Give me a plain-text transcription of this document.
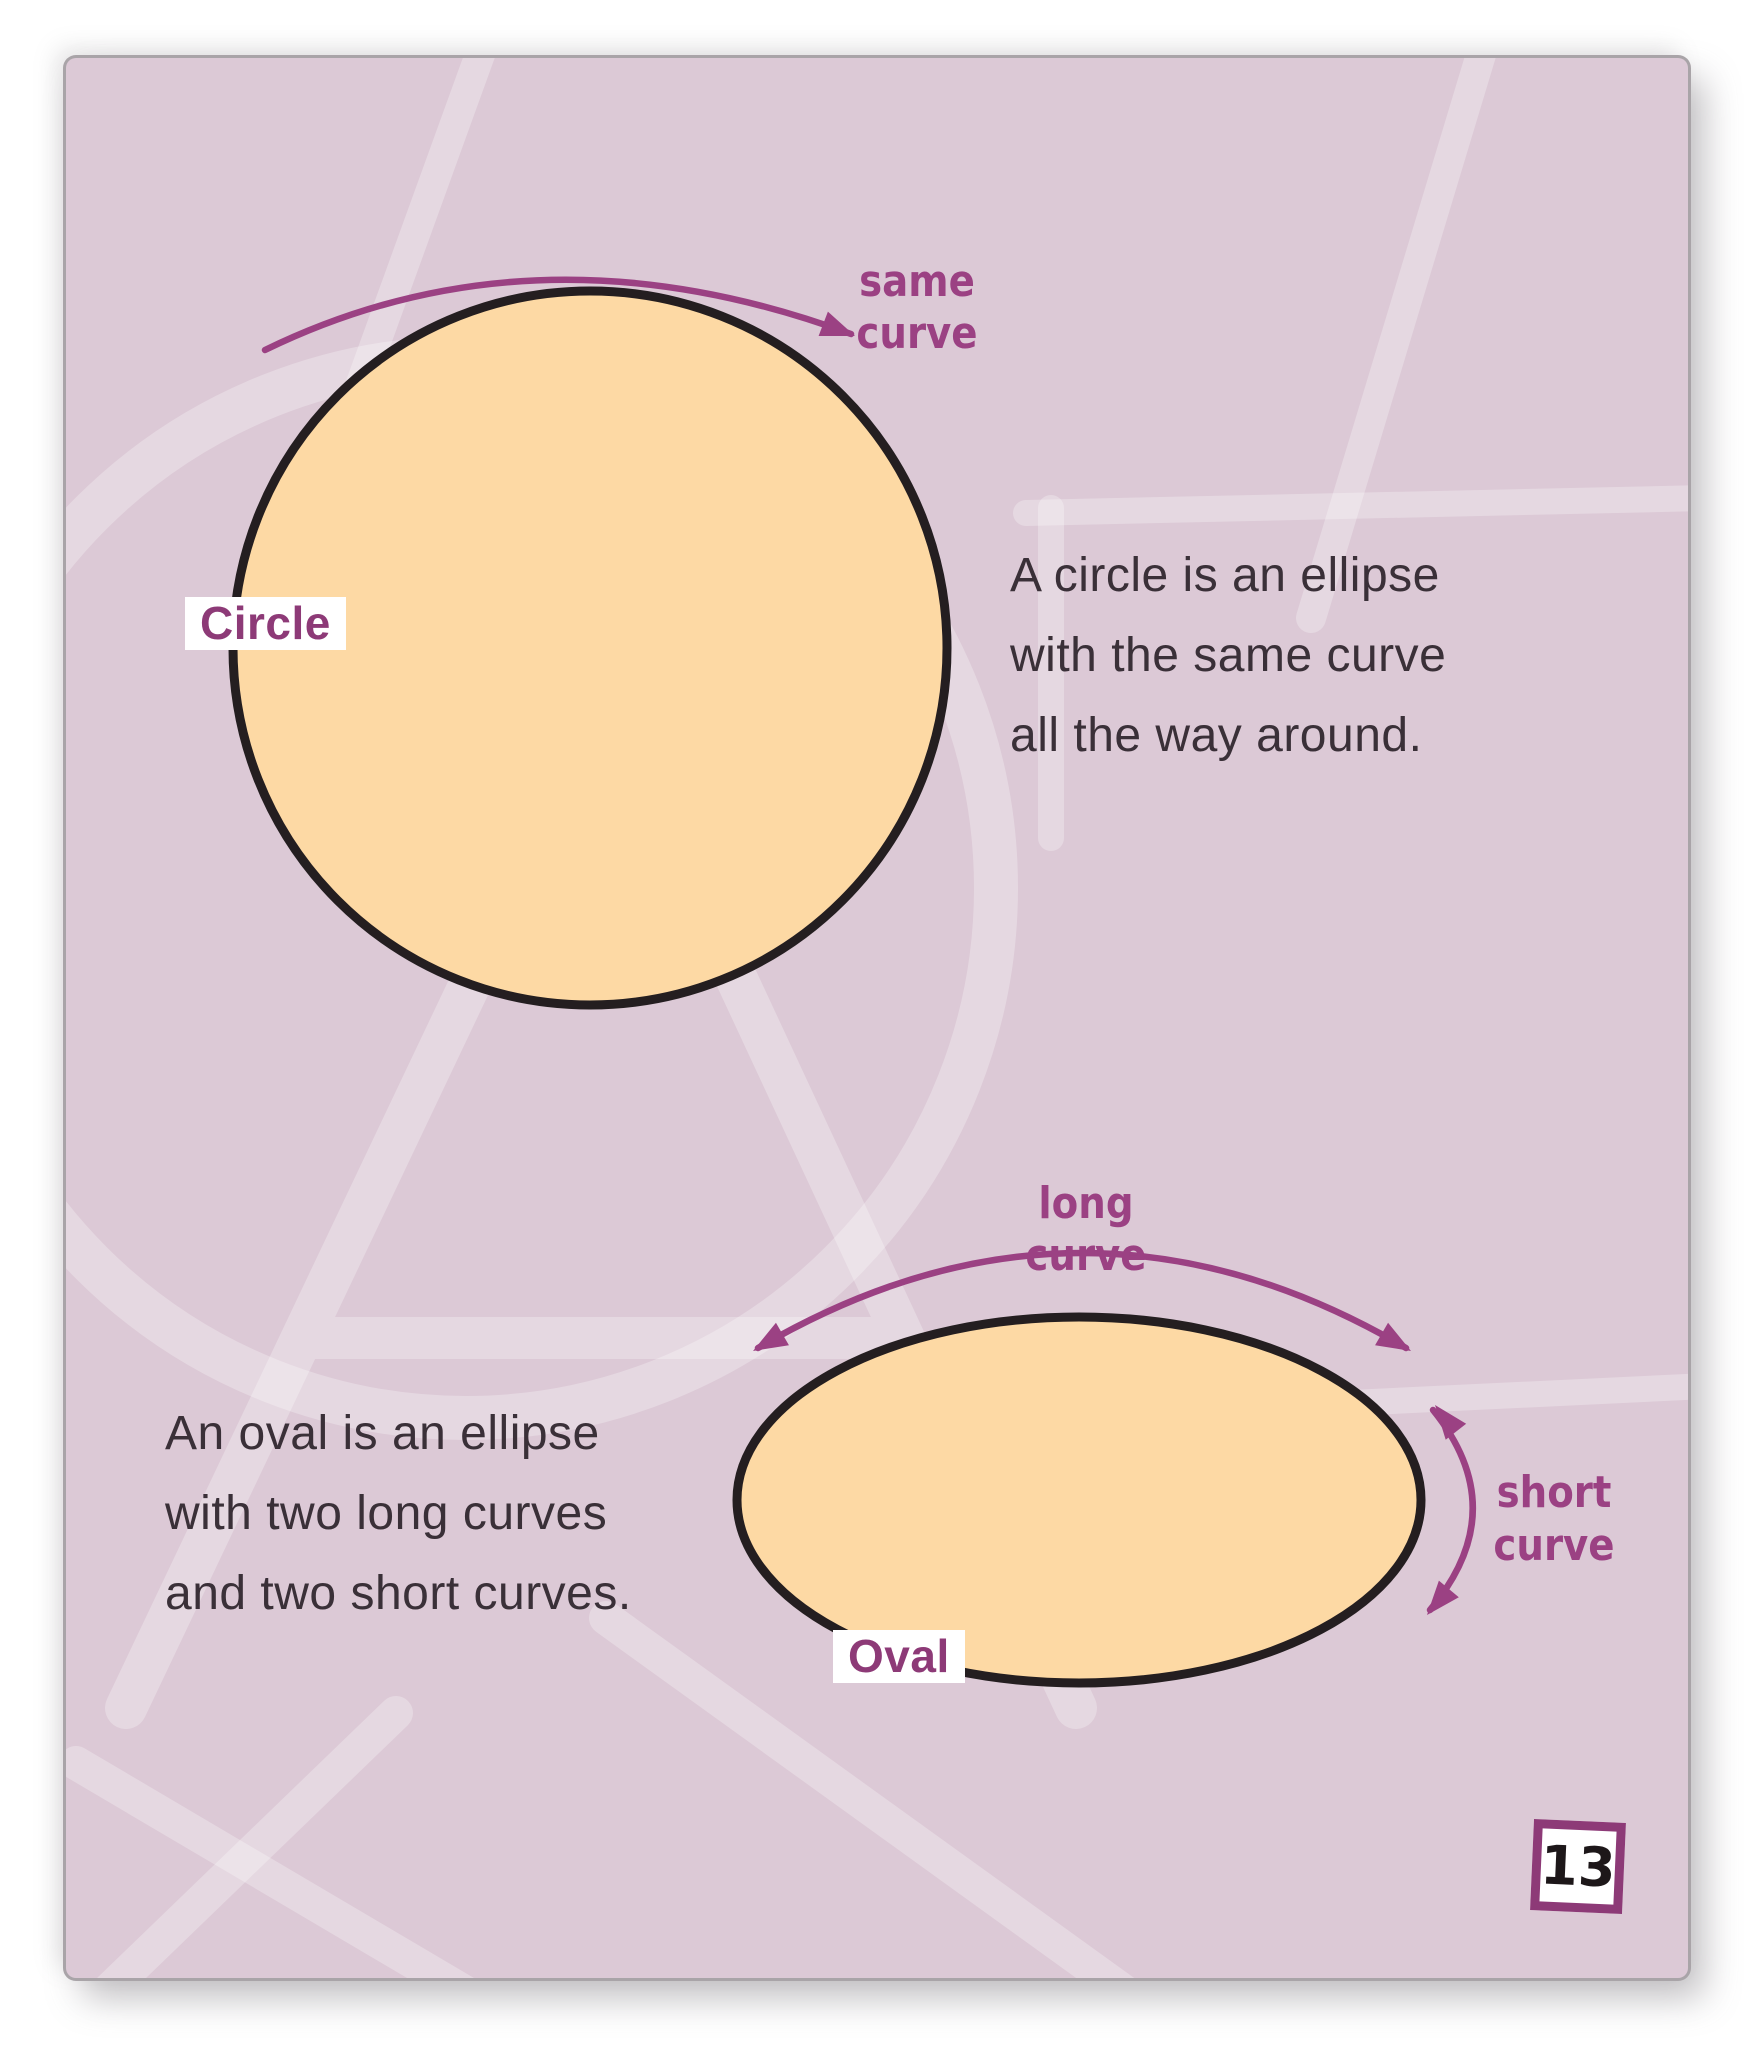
same curve
long curve
short
curve
Circle
Oval
A circle is an ellipse
with the same curve
all the way around.
An oval is an ellipse
with two long curves
and two short curves.
13
